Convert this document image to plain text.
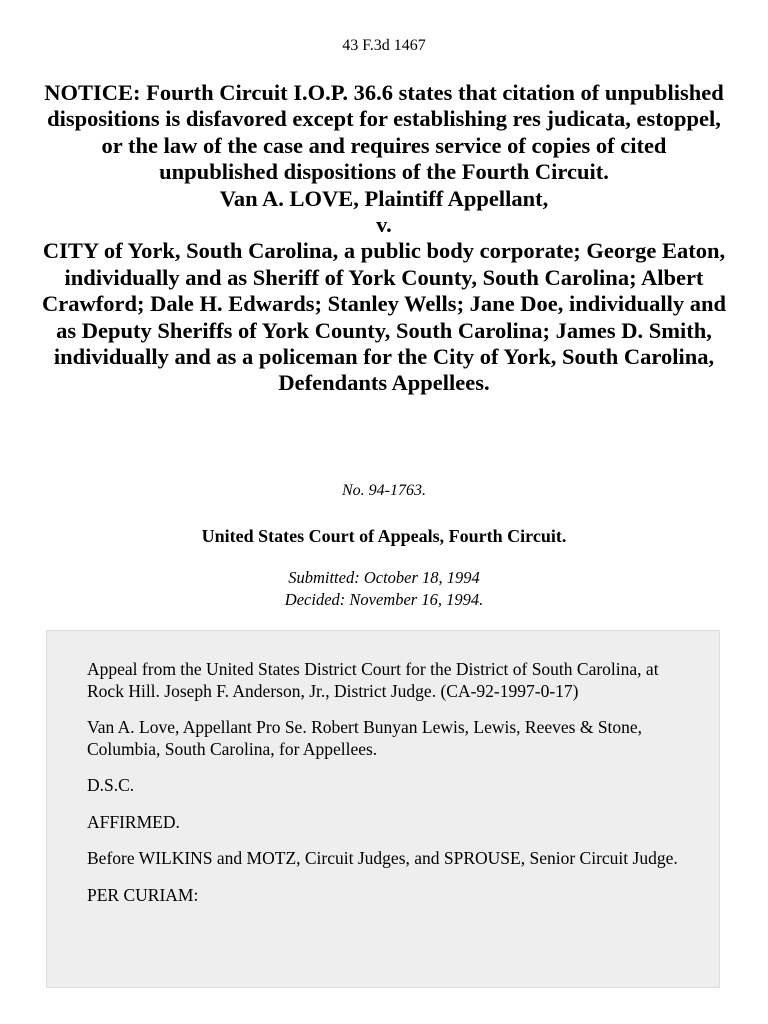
43 F.3d 1467
NOTICE: Fourth Circuit I.O.P. 36.6 states that citation of unpublished dispositions is disfavored except for establishing res judicata, estoppel, or the law of the case and requires service of copies of cited unpublished dispositions of the Fourth Circuit.
Van A. LOVE, Plaintiff Appellant,
v.
CITY of York, South Carolina, a public body corporate; George Eaton, individually and as Sheriff of York County, South Carolina; Albert Crawford; Dale H. Edwards; Stanley Wells; Jane Doe, individually and as Deputy Sheriffs of York County, South Carolina; James D. Smith, individually and as a policeman for the City of York, South Carolina, Defendants Appellees.
No. 94-1763.
United States Court of Appeals, Fourth Circuit.
Submitted: October 18, 1994
Decided: November 16, 1994.

Appeal from the United States District Court for the District of South Carolina, at Rock Hill. Joseph F. Anderson, Jr., District Judge. (CA-92-1997-0-17)

Van A. Love, Appellant Pro Se. Robert Bunyan Lewis, Lewis, Reeves & Stone, Columbia, South Carolina, for Appellees.

D.S.C.

AFFIRMED.

Before WILKINS and MOTZ, Circuit Judges, and SPROUSE, Senior Circuit Judge.

PER CURIAM:
